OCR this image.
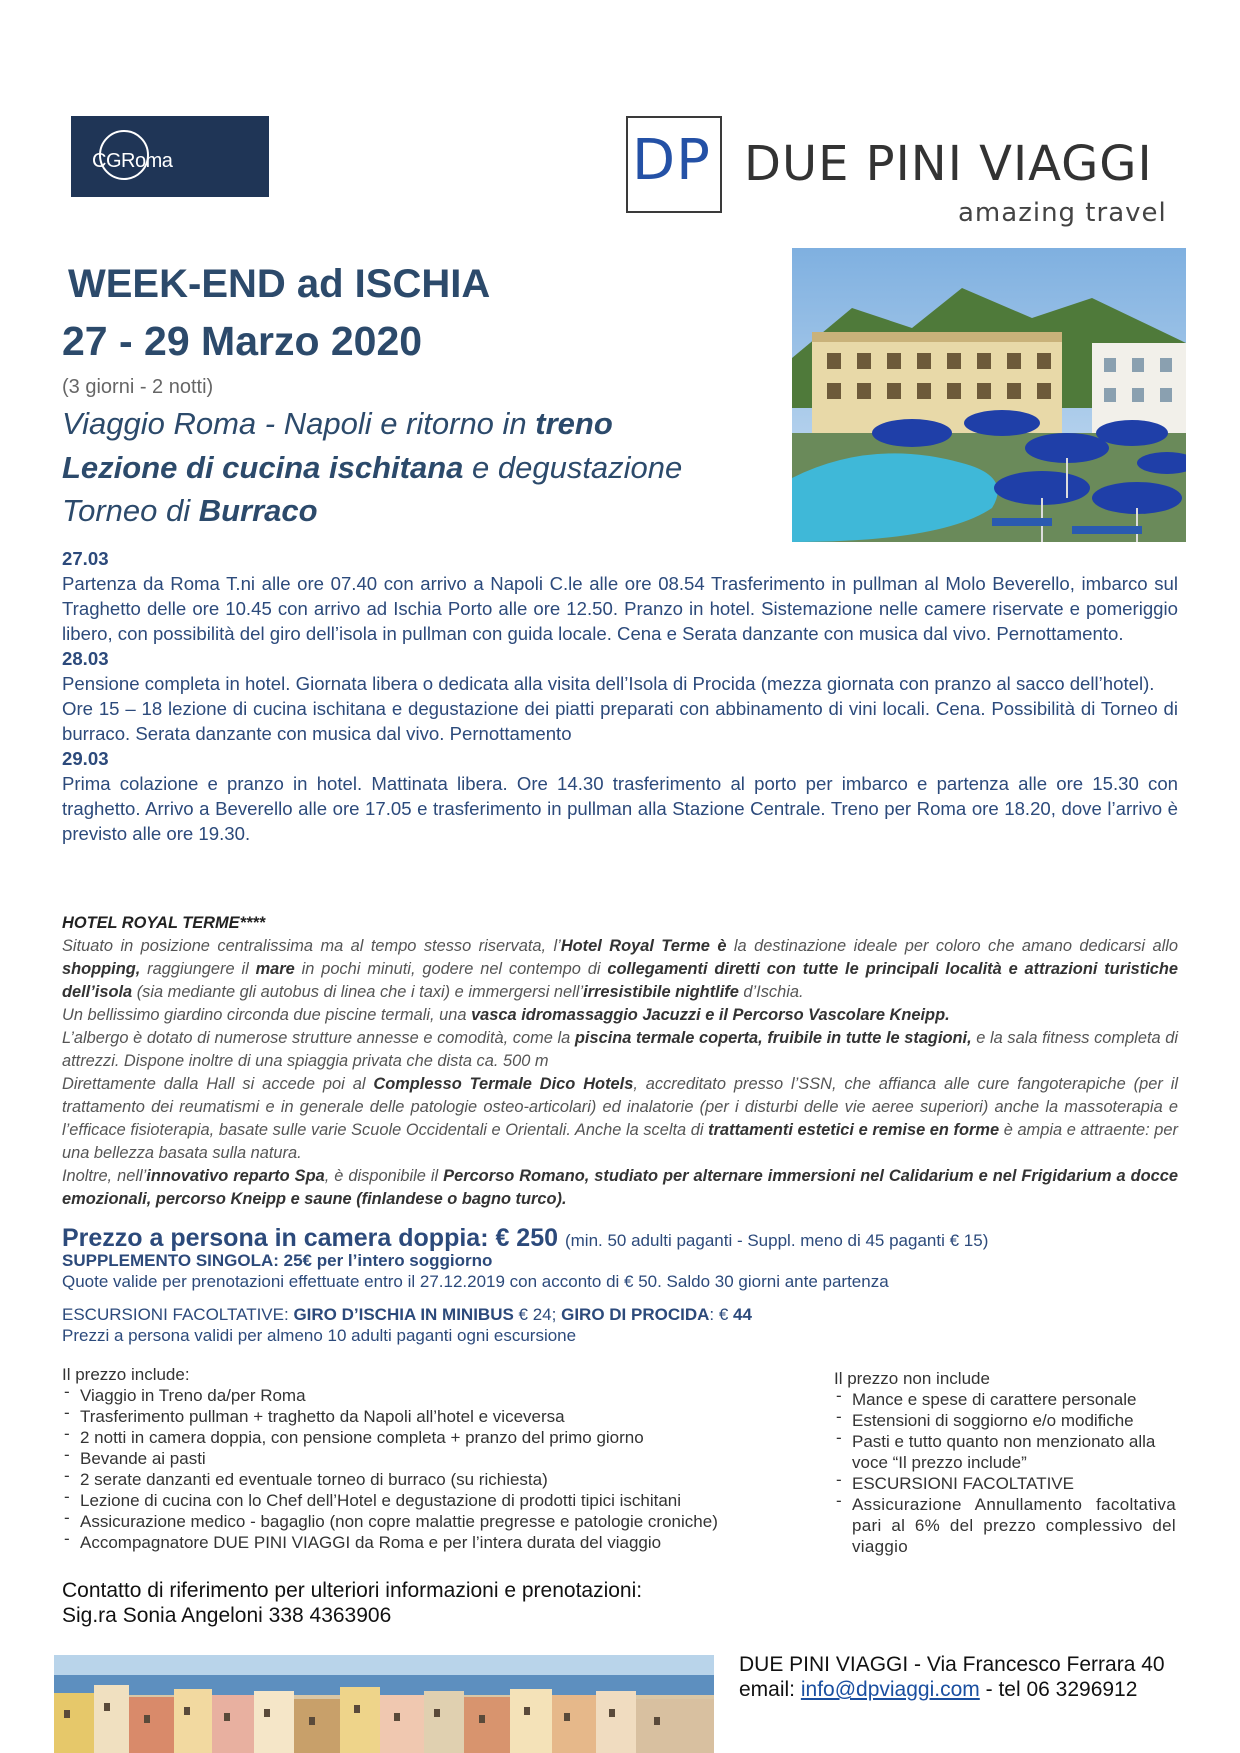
CGRoma	DP DUE PINI VIAGGI
amazing travel
WEEK-END ad ISCHIA
27 - 29 Marzo 2020
(3 giorni - 2 notti)
Viaggio Roma - Napoli e ritorno in treno
Lezione di cucina ischitana e degustazione
Torneo di Burraco
27.03
Partenza da Roma T.ni alle ore 07.40 con arrivo a Napoli C.le alle ore 08.54 Trasferimento in pullman al Molo Beverello, imbarco sul Traghetto delle ore 10.45 con arrivo ad Ischia Porto alle ore 12.50. Pranzo in hotel. Sistemazione nelle camere riservate e pomeriggio libero, con possibilità del giro dell’isola in pullman con guida locale. Cena e Serata danzante con musica dal vivo. Pernottamento.
28.03
Pensione completa in hotel. Giornata libera o dedicata alla visita dell’Isola di Procida (mezza giornata con pranzo al sacco dell’hotel).
Ore 15 – 18 lezione di cucina ischitana e degustazione dei piatti preparati con abbinamento di vini locali. Cena. Possibilità di Torneo di burraco. Serata danzante con musica dal vivo. Pernottamento
29.03
Prima colazione e pranzo in hotel. Mattinata libera. Ore 14.30 trasferimento al porto per imbarco e partenza alle ore 15.30 con traghetto. Arrivo a Beverello alle ore 17.05 e trasferimento in pullman alla Stazione Centrale. Treno per Roma ore 18.20, dove l’arrivo è previsto alle ore 19.30.
HOTEL ROYAL TERME****
Situato in posizione centralissima ma al tempo stesso riservata, l’Hotel Royal Terme è la destinazione ideale per coloro che amano dedicarsi allo shopping, raggiungere il mare in pochi minuti, godere nel contempo di collegamenti diretti con tutte le principali località e attrazioni turistiche dell’isola (sia mediante gli autobus di linea che i taxi) e immergersi nell’irresistibile nightlife d’Ischia.
Un bellissimo giardino circonda due piscine termali, una vasca idromassaggio Jacuzzi e il Percorso Vascolare Kneipp.
L’albergo è dotato di numerose strutture annesse e comodità, come la piscina termale coperta, fruibile in tutte le stagioni, e la sala fitness completa di attrezzi. Dispone inoltre di una spiaggia privata che dista ca. 500 m
Direttamente dalla Hall si accede poi al Complesso Termale Dico Hotels, accreditato presso l’SSN, che affianca alle cure fangoterapiche (per il trattamento dei reumatismi e in generale delle patologie osteo-articolari) ed inalatorie (per i disturbi delle vie aeree superiori) anche la massoterapia e l’efficace fisioterapia, basate sulle varie Scuole Occidentali e Orientali. Anche la scelta di trattamenti estetici e remise en forme è ampia e attraente: per una bellezza basata sulla natura.
Inoltre, nell’innovativo reparto Spa, è disponibile il Percorso Romano, studiato per alternare immersioni nel Calidarium e nel Frigidarium a docce emozionali, percorso Kneipp e saune (finlandese o bagno turco).
Prezzo a persona in camera doppia: € 250 (min. 50 adulti paganti - Suppl. meno di 45 paganti € 15)
SUPPLEMENTO SINGOLA: 25€ per l’intero soggiorno
Quote valide per prenotazioni effettuate entro il 27.12.2019 con acconto di € 50. Saldo 30 giorni ante partenza
ESCURSIONI FACOLTATIVE: GIRO D’ISCHIA IN MINIBUS € 24; GIRO DI PROCIDA: € 44
Prezzi a persona validi per almeno 10 adulti paganti ogni escursione
Il prezzo include:
- Viaggio in Treno da/per Roma
- Trasferimento pullman + traghetto da Napoli all’hotel e viceversa
- 2 notti in camera doppia, con pensione completa + pranzo del primo giorno
- Bevande ai pasti
- 2 serate danzanti ed eventuale torneo di burraco (su richiesta)
- Lezione di cucina con lo Chef dell’Hotel e degustazione di prodotti tipici ischitani
- Assicurazione medico - bagaglio (non copre malattie pregresse e patologie croniche)
- Accompagnatore DUE PINI VIAGGI da Roma e per l’intera durata del viaggio
Il prezzo non include
- Mance e spese di carattere personale
- Estensioni di soggiorno e/o modifiche
- Pasti e tutto quanto non menzionato alla voce “Il prezzo include”
- ESCURSIONI FACOLTATIVE
- Assicurazione Annullamento facoltativa pari al 6% del prezzo complessivo del viaggio
Contatto di riferimento per ulteriori informazioni e prenotazioni:
Sig.ra Sonia Angeloni 338 4363906
DUE PINI VIAGGI - Via Francesco Ferrara 40
email: info@dpviaggi.com - tel 06 3296912
